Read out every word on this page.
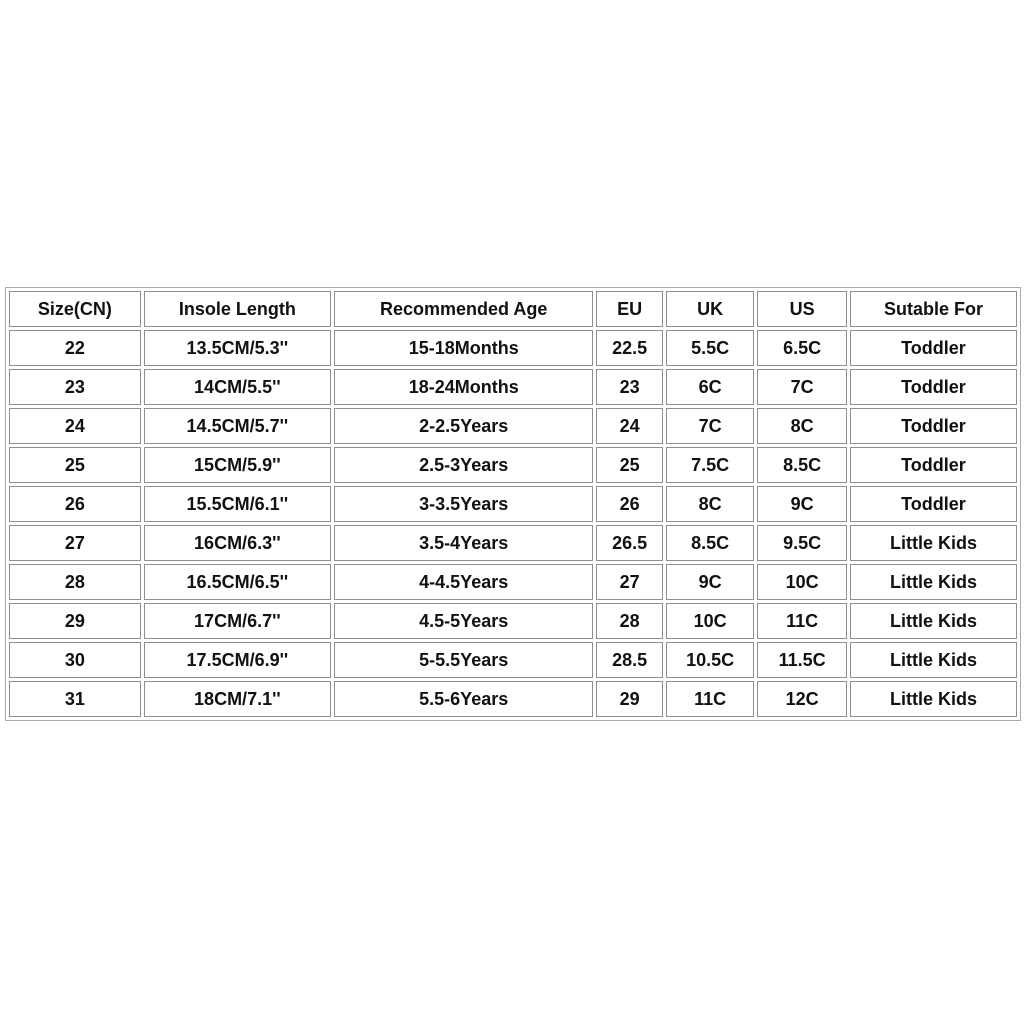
Size(CN)	Insole Length	Recommended Age	EU	UK	US	Sutable For
22	13.5CM/5.3''	15-18Months	22.5	5.5C	6.5C	Toddler
23	14CM/5.5''	18-24Months	23	6C	7C	Toddler
24	14.5CM/5.7''	2-2.5Years	24	7C	8C	Toddler
25	15CM/5.9''	2.5-3Years	25	7.5C	8.5C	Toddler
26	15.5CM/6.1''	3-3.5Years	26	8C	9C	Toddler
27	16CM/6.3''	3.5-4Years	26.5	8.5C	9.5C	Little Kids
28	16.5CM/6.5''	4-4.5Years	27	9C	10C	Little Kids
29	17CM/6.7''	4.5-5Years	28	10C	11C	Little Kids
30	17.5CM/6.9''	5-5.5Years	28.5	10.5C	11.5C	Little Kids
31	18CM/7.1''	5.5-6Years	29	11C	12C	Little Kids
